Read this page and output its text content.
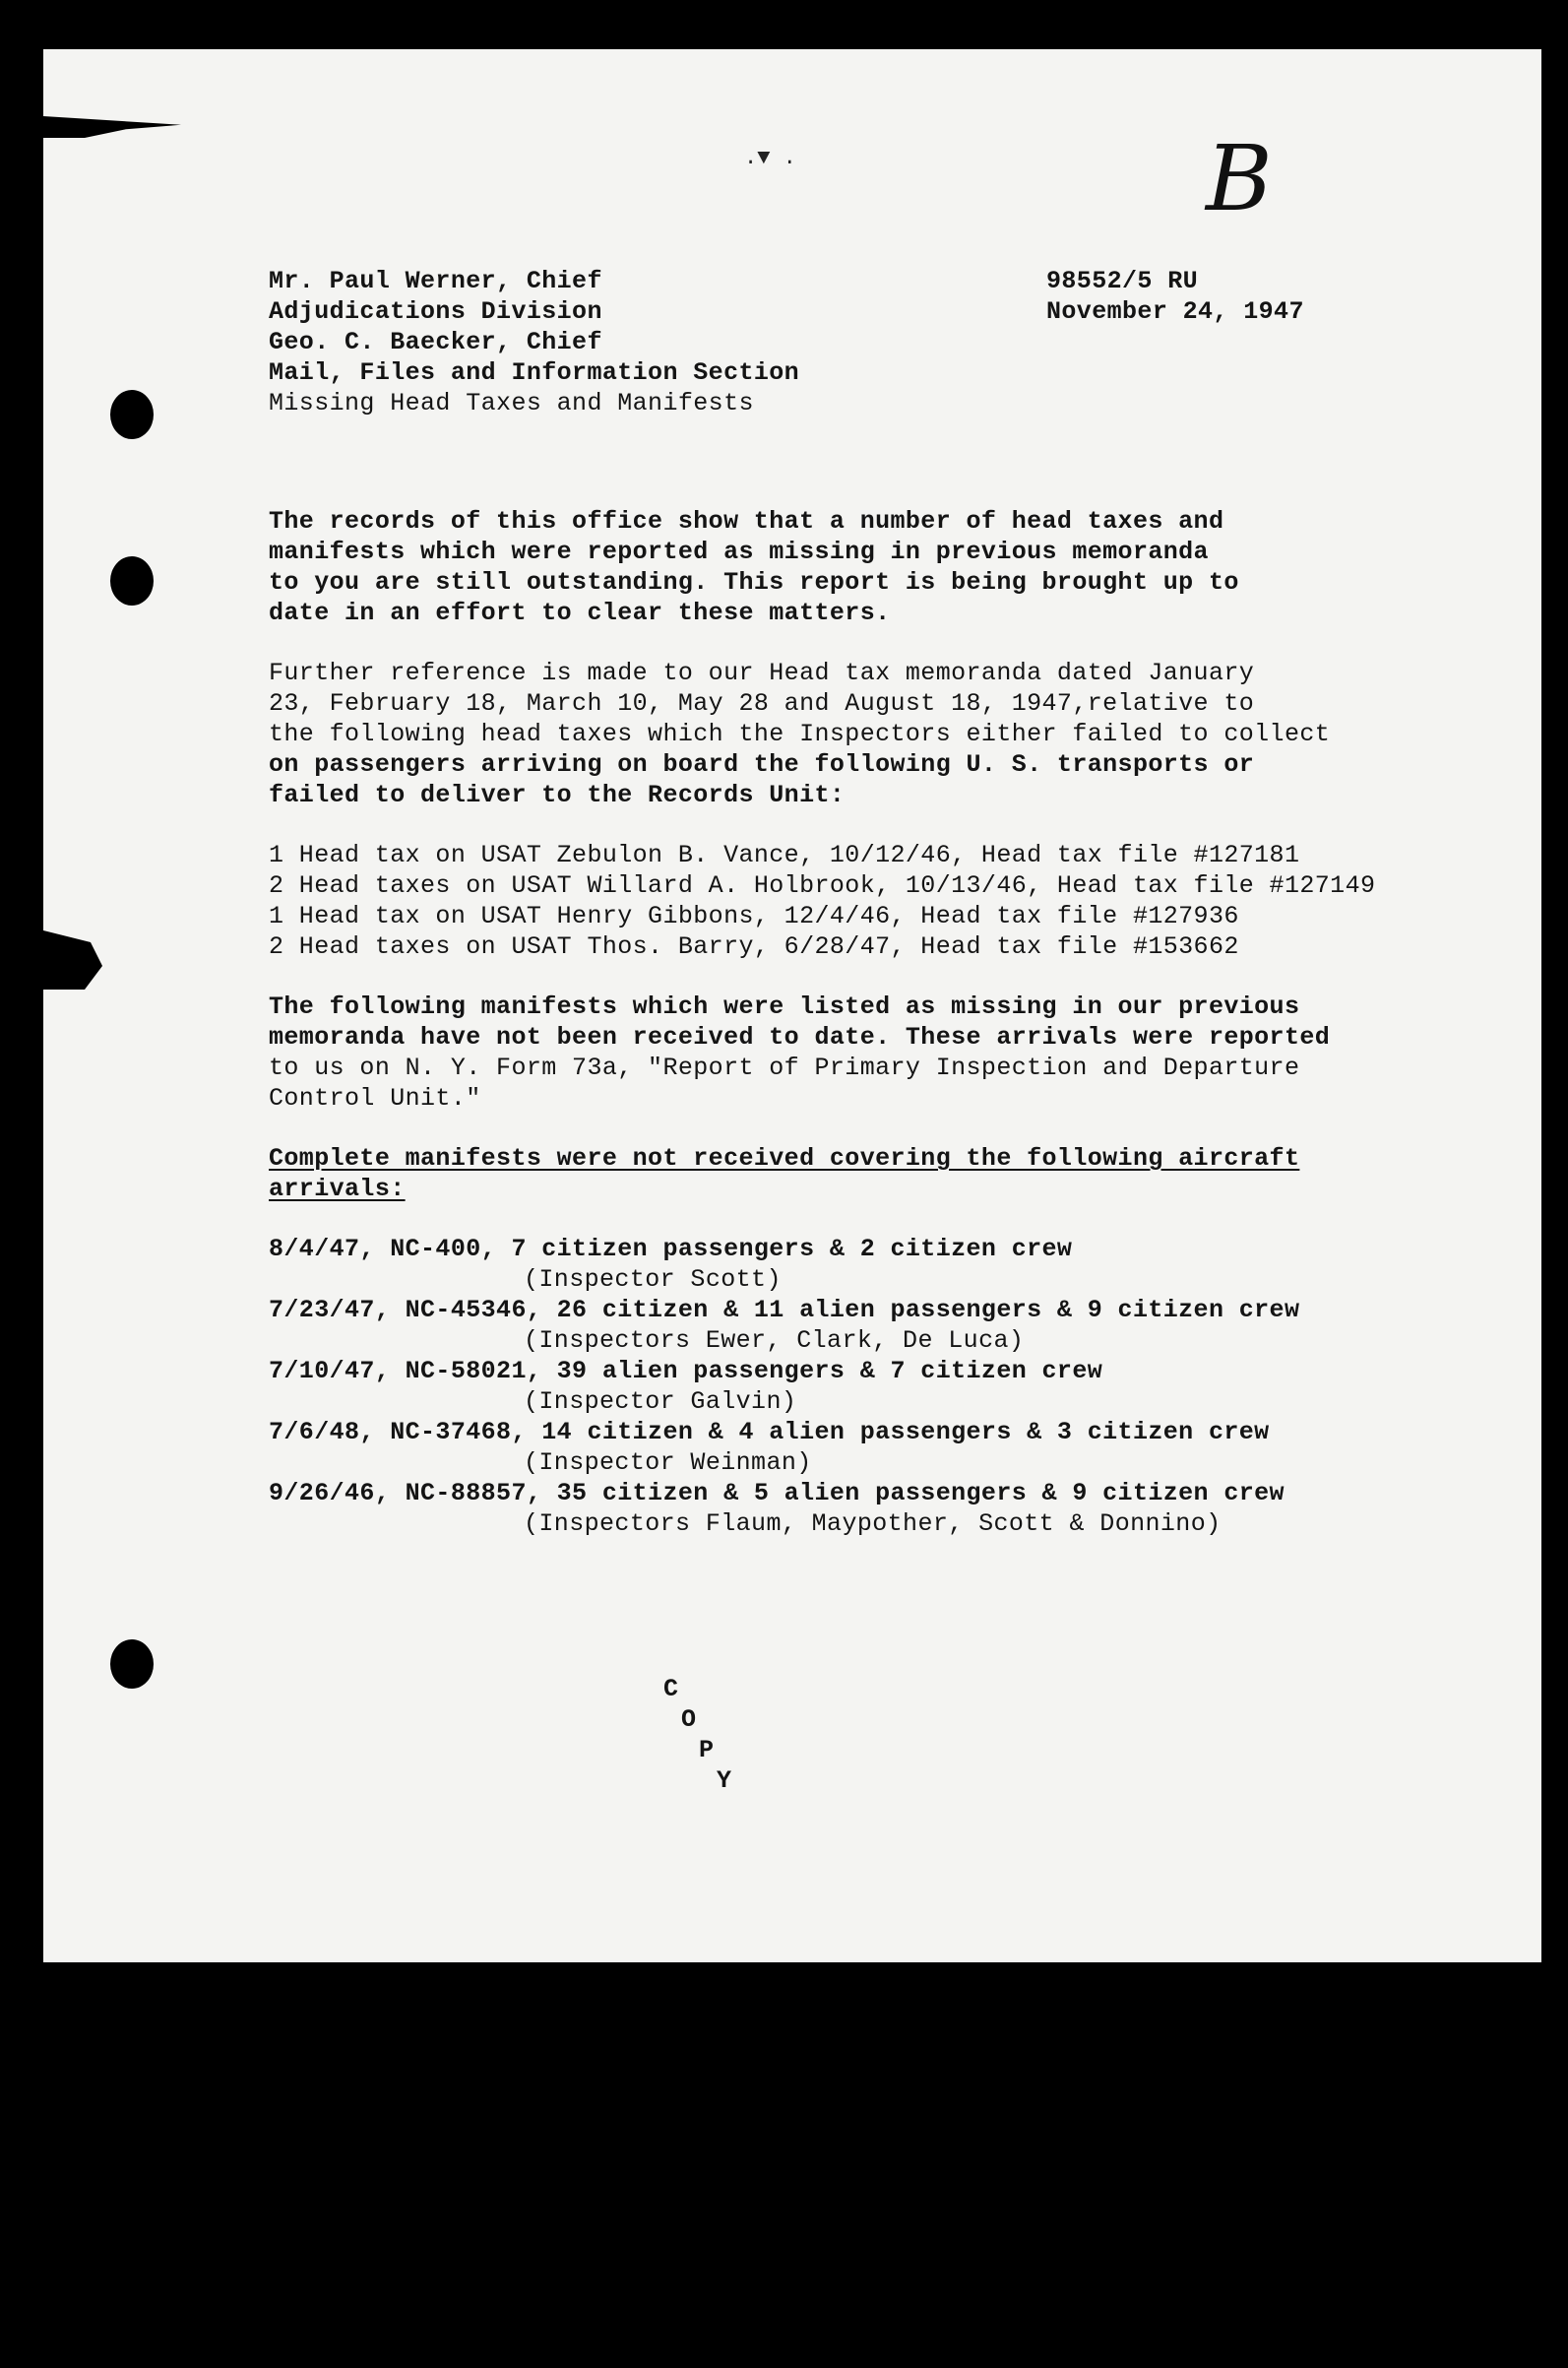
.▼ .	B
Mr. Paul Werner, Chief
Adjudications Division
Geo. C. Baecker, Chief
Mail, Files and Information Section
Missing Head Taxes and Manifests
98552/5 RU
November 24, 1947
The records of this office show that a number of head taxes and
manifests which were reported as missing in previous memoranda
to you are still outstanding. This report is being brought up to
date in an effort to clear these matters.
Further reference is made to our Head tax memoranda dated January
23, February 18, March 10, May 28 and August 18, 1947,relative to
the following head taxes which the Inspectors either failed to collect
on passengers arriving on board the following U. S. transports or
failed to deliver to the Records Unit:
1 Head tax on USAT Zebulon B. Vance, 10/12/46, Head tax file #127181
2 Head taxes on USAT Willard A. Holbrook, 10/13/46, Head tax file #127149
1 Head tax on USAT Henry Gibbons, 12/4/46, Head tax file #127936
2 Head taxes on USAT Thos. Barry, 6/28/47, Head tax file #153662
The following manifests which were listed as missing in our previous
memoranda have not been received to date. These arrivals were reported
to us on N. Y. Form 73a, "Report of Primary Inspection and Departure
Control Unit."
Complete manifests were not received covering the following aircraft
arrivals:
8/4/47, NC-400, 7 citizen passengers & 2 citizen crew
(Inspector Scott)
7/23/47, NC-45346, 26 citizen & 11 alien passengers & 9 citizen crew
(Inspectors Ewer, Clark, De Luca)
7/10/47, NC-58021, 39 alien passengers & 7 citizen crew
(Inspector Galvin)
7/6/48, NC-37468, 14 citizen & 4 alien passengers & 3 citizen crew
(Inspector Weinman)
9/26/46, NC-88857, 35 citizen & 5 alien passengers & 9 citizen crew
(Inspectors Flaum, Maypother, Scott & Donnino)
C
O
P
Y
